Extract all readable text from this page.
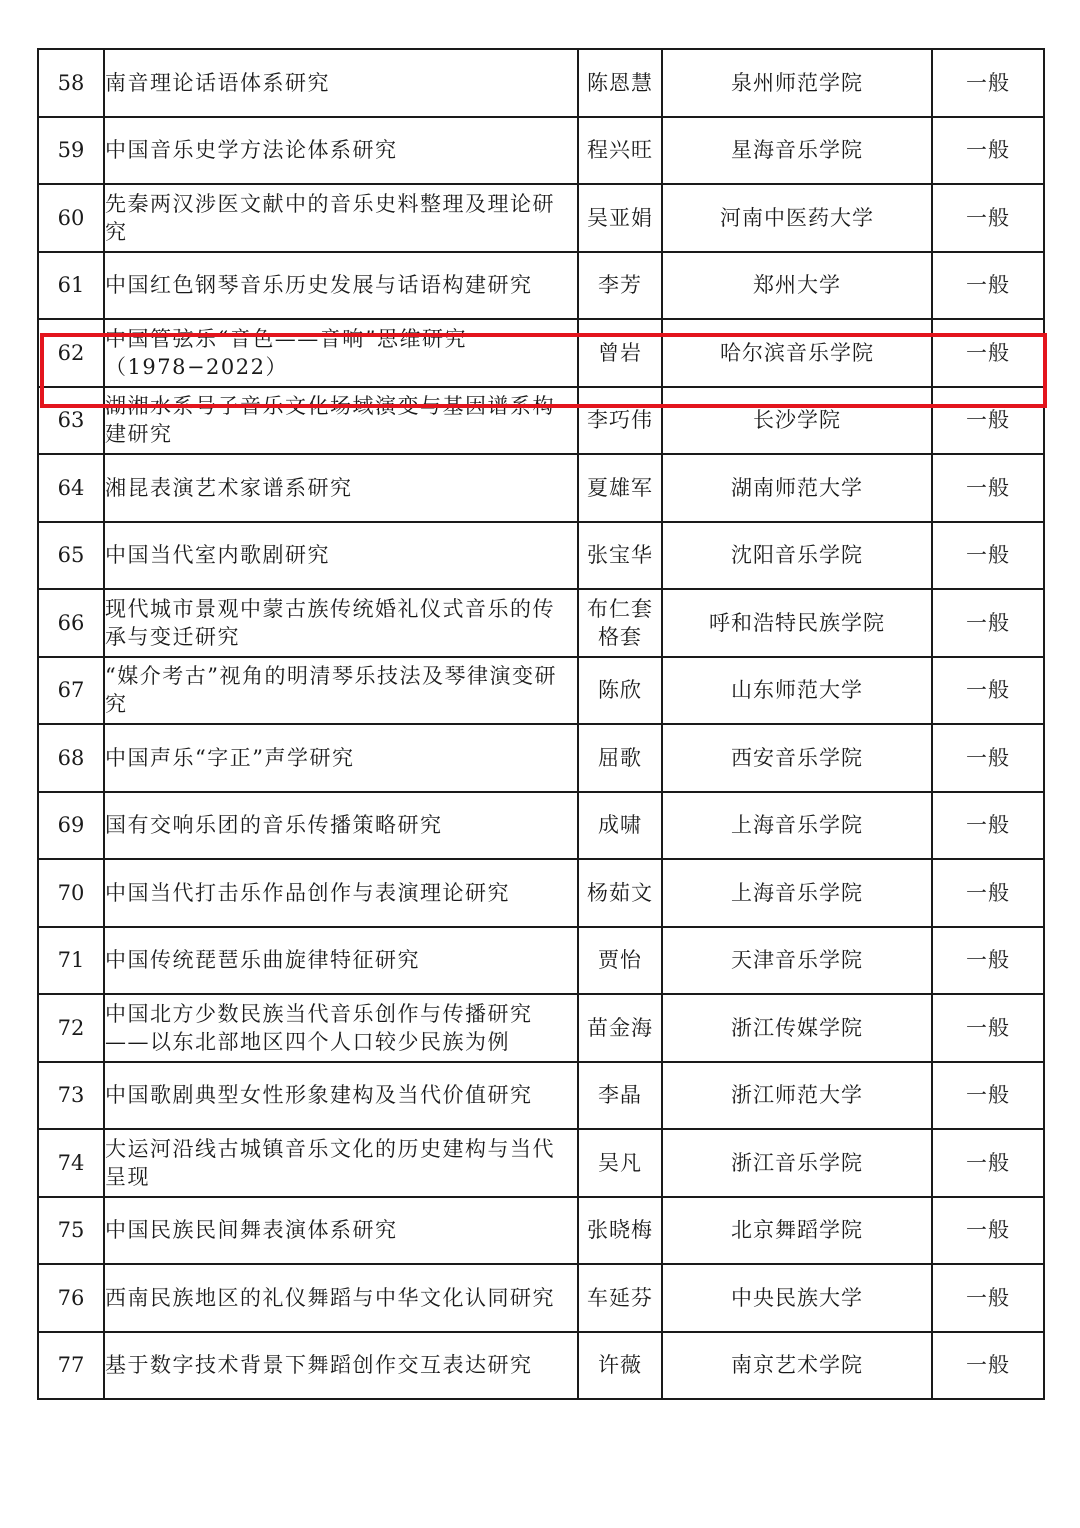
58	南音理论话语体系研究	陈恩慧	泉州师范学院	一般
59	中国音乐史学方法论体系研究	程兴旺	星海音乐学院	一般
60	先秦两汉涉医文献中的音乐史料整理及理论研究	吴亚娟	河南中医药大学	一般
61	中国红色钢琴音乐历史发展与话语构建研究	李芳	郑州大学	一般
62	中国管弦乐“音色——音响”思维研究（1978−2022）	曾岩	哈尔滨音乐学院	一般
63	湖湘水系号子音乐文化场域演变与基因谱系构建研究	李巧伟	长沙学院	一般
64	湘昆表演艺术家谱系研究	夏雄军	湖南师范大学	一般
65	中国当代室内歌剧研究	张宝华	沈阳音乐学院	一般
66	现代城市景观中蒙古族传统婚礼仪式音乐的传承与变迁研究	布仁套格套	呼和浩特民族学院	一般
67	“媒介考古”视角的明清琴乐技法及琴律演变研究	陈欣	山东师范大学	一般
68	中国声乐“字正”声学研究	屈歌	西安音乐学院	一般
69	国有交响乐团的音乐传播策略研究	成啸	上海音乐学院	一般
70	中国当代打击乐作品创作与表演理论研究	杨茹文	上海音乐学院	一般
71	中国传统琵琶乐曲旋律特征研究	贾怡	天津音乐学院	一般
72	中国北方少数民族当代音乐创作与传播研究——以东北部地区四个人口较少民族为例	苗金海	浙江传媒学院	一般
73	中国歌剧典型女性形象建构及当代价值研究	李晶	浙江师范大学	一般
74	大运河沿线古城镇音乐文化的历史建构与当代呈现	吴凡	浙江音乐学院	一般
75	中国民族民间舞表演体系研究	张晓梅	北京舞蹈学院	一般
76	西南民族地区的礼仪舞蹈与中华文化认同研究	车延芬	中央民族大学	一般
77	基于数字技术背景下舞蹈创作交互表达研究	许薇	南京艺术学院	一般
